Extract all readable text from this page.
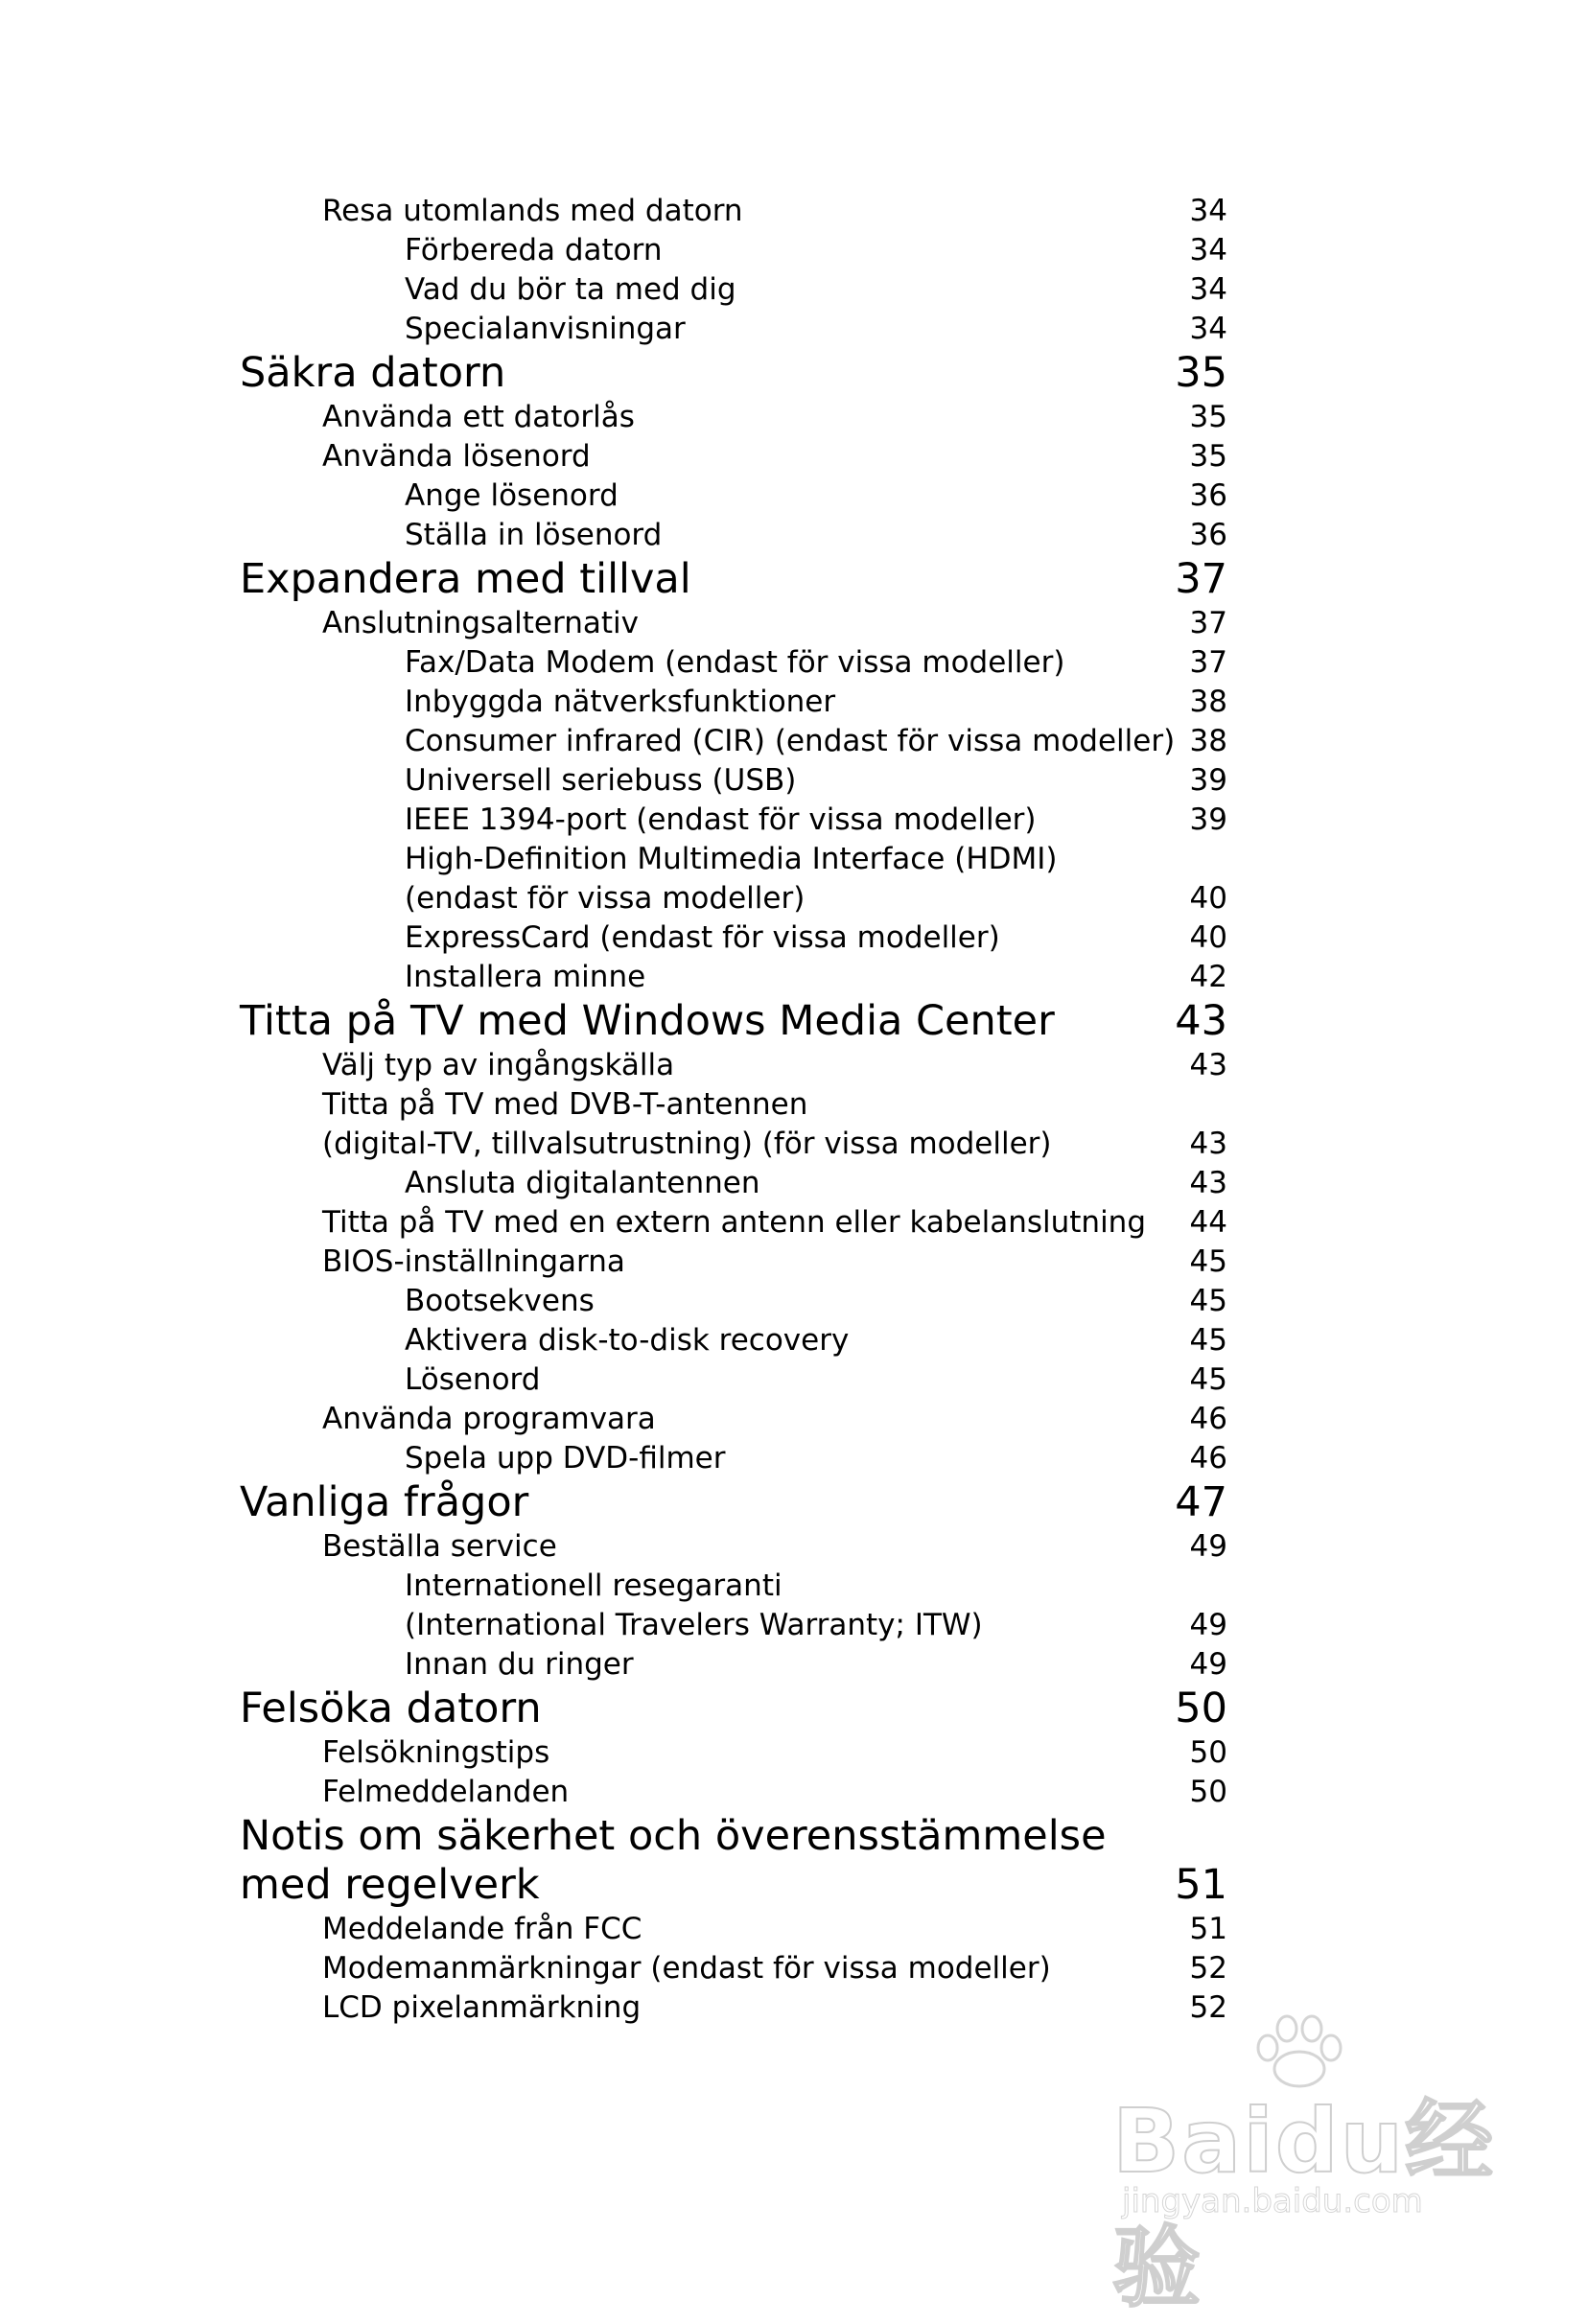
Resa utomlands med datorn	34
Förbereda datorn	34
Vad du bör ta med dig	34
Specialanvisningar	34
Säkra datorn	35
Använda ett datorlås	35
Använda lösenord	35
Ange lösenord	36
Ställa in lösenord	36
Expandera med tillval	37
Anslutningsalternativ	37
Fax/Data Modem (endast för vissa modeller)	37
Inbyggda nätverksfunktioner	38
Consumer infrared (CIR) (endast för vissa modeller) 38
Universell seriebuss (USB)	39
IEEE 1394-port (endast för vissa modeller)	39
High-Definition Multimedia Interface (HDMI)
(endast för vissa modeller)	40
ExpressCard (endast för vissa modeller)	40
Installera minne	42
Titta på TV med Windows Media Center	43
Välj typ av ingångskälla	43
Titta på TV med DVB-T-antennen
(digital-TV, tillvalsutrustning) (för vissa modeller)	43
Ansluta digitalantennen	43
Titta på TV med en extern antenn eller kabelanslutning 44
BIOS-inställningarna	45
Bootsekvens	45
Aktivera disk-to-disk recovery	45
Lösenord	45
Använda programvara	46
Spela upp DVD-filmer	46
Vanliga frågor	47
Beställa service	49
Internationell resegaranti
(International Travelers Warranty; ITW)	49
Innan du ringer	49
Felsöka datorn	50
Felsökningstips	50
Felmeddelanden	50
Notis om säkerhet och överensstämmelse
med regelverk	51
Meddelande från FCC	51
Modemanmärkningar (endast för vissa modeller)	52
LCD pixelanmärkning	52
Baidu经验
jingyan.baidu.com
